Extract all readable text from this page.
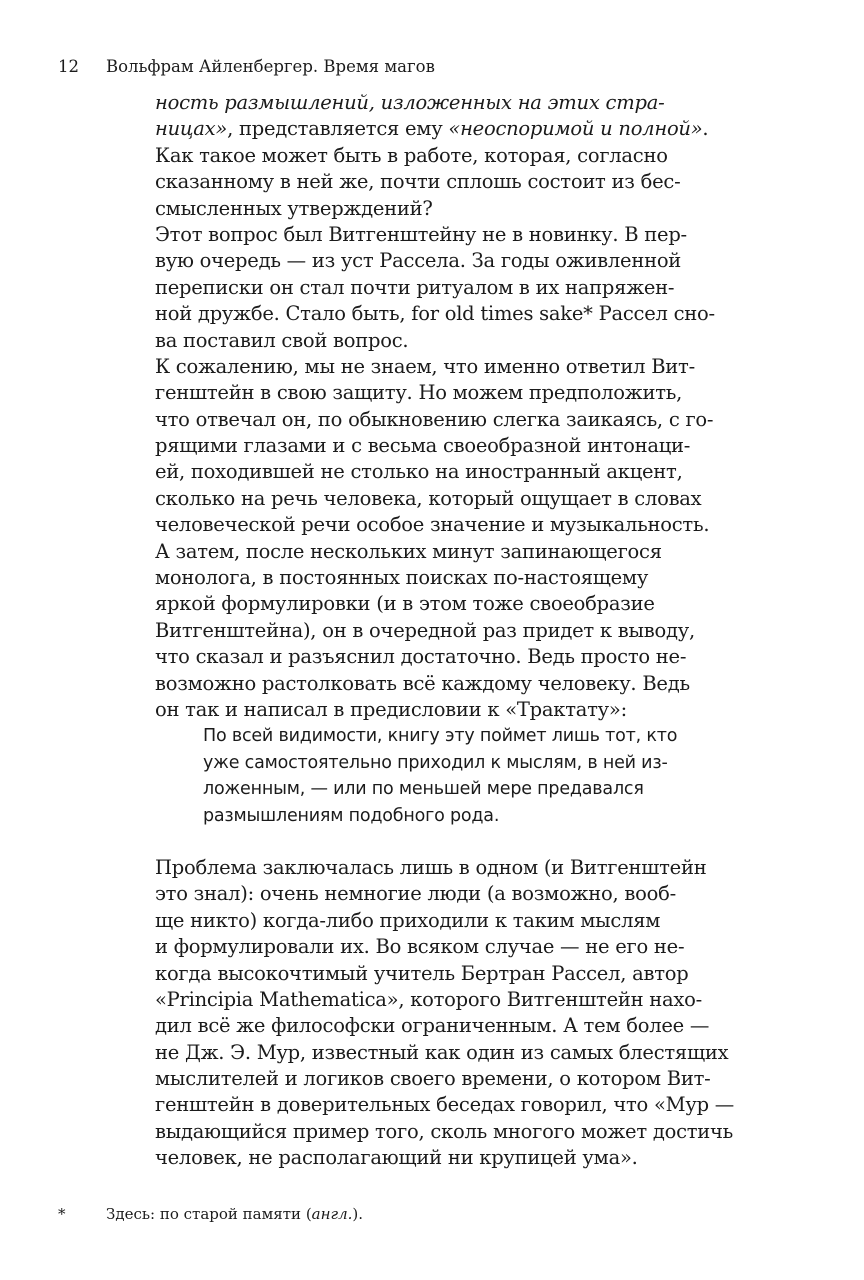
12 Вольфрам Айленбергер. Время магов
ность размышлений, изложенных на этих стра-
ницах», представляется ему «неоспоримой и полной».
Как такое может быть в работе, которая, согласно
сказанному в ней же, почти сплошь состоит из бес-
смысленных утверждений?
Этот вопрос был Витгенштейну не в новинку. В пер-
вую очередь — из уст Рассела. За годы оживленной
переписки он стал почти ритуалом в их напряжен-
ной дружбе. Стало быть, for old times sake* Рассел сно-
ва поставил свой вопрос.
К сожалению, мы не знаем, что именно ответил Вит-
генштейн в свою защиту. Но можем предположить,
что отвечал он, по обыкновению слегка заикаясь, с го-
рящими глазами и с весьма своеобразной интонаци-
ей, походившей не столько на иностранный акцент,
сколько на речь человека, который ощущает в словах
человеческой речи особое значение и музыкальность.
А затем, после нескольких минут запинающегося
монолога, в постоянных поисках по-настоящему
яркой формулировки (и в этом тоже своеобразие
Витгенштейна), он в очередной раз придет к выводу,
что сказал и разъяснил достаточно. Ведь просто не-
возможно растолковать всё каждому человеку. Ведь
он так и написал в предисловии к «Трактату»:
По всей видимости, книгу эту поймет лишь тот, кто
уже самостоятельно приходил к мыслям, в ней из-
ложенным, — или по меньшей мере предавался
размышлениям подобного рода.
Проблема заключалась лишь в одном (и Витгенштейн
это знал): очень немногие люди (а возможно, вооб-
ще никто) когда-либо приходили к таким мыслям
и формулировали их. Во всяком случае — не его не-
когда высокочтимый учитель Бертран Рассел, автор
«Principia Mathematica», которого Витгенштейн нахо-
дил всё же философски ограниченным. А тем более —
не Дж. Э. Мур, известный как один из самых блестящих
мыслителей и логиков своего времени, о котором Вит-
генштейн в доверительных беседах говорил, что «Мур —
выдающийся пример того, сколь многого может достичь
человек, не располагающий ни крупицей ума».
*	Здесь: по старой памяти (англ.).
